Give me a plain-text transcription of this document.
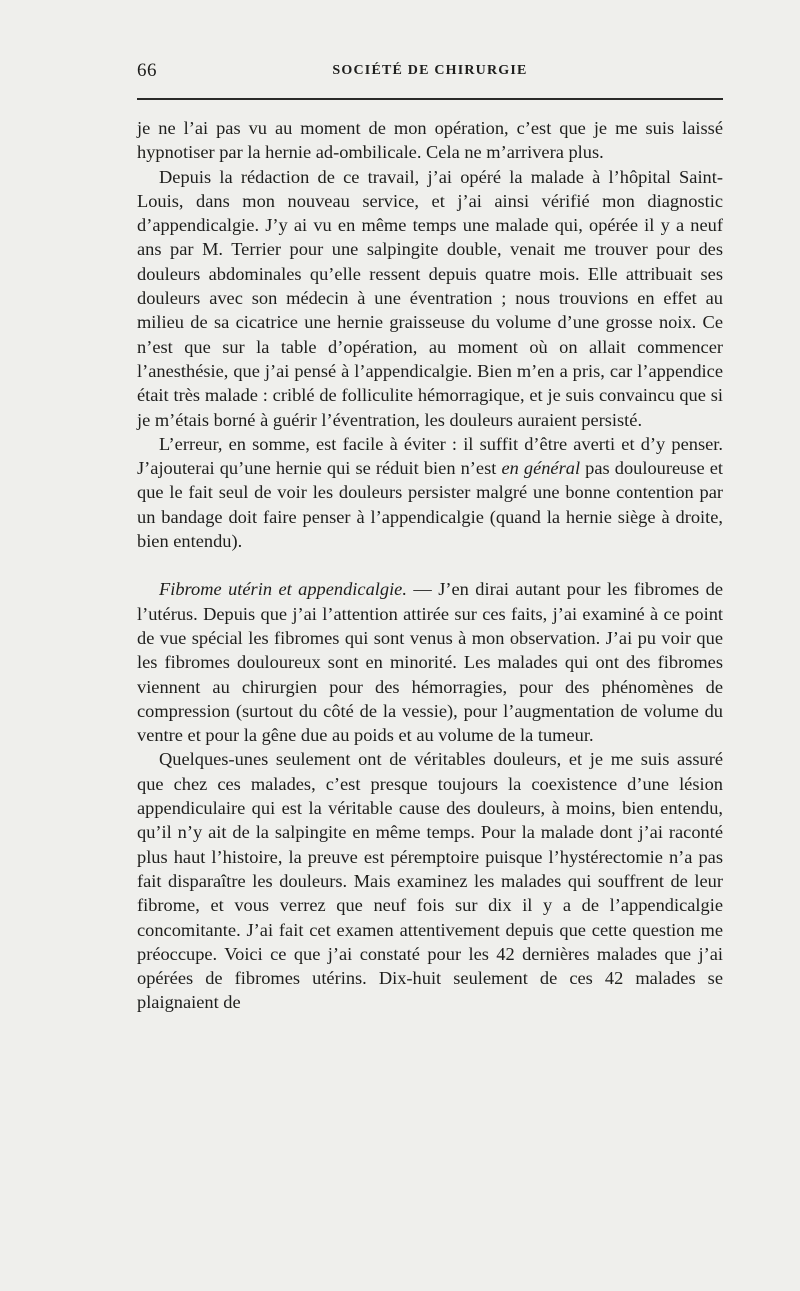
66	SOCIÉTÉ DE CHIRURGIE

je ne l’ai pas vu au moment de mon opération, c’est que je me suis laissé hypnotiser par la hernie ad-ombilicale. Cela ne m’arrivera plus.

Depuis la rédaction de ce travail, j’ai opéré la malade à l’hôpital Saint-Louis, dans mon nouveau service, et j’ai ainsi vérifié mon diagnostic d’appendicalgie. J’y ai vu en même temps une malade qui, opérée il y a neuf ans par M. Terrier pour une salpingite double, venait me trouver pour des douleurs abdominales qu’elle ressent depuis quatre mois. Elle attribuait ses douleurs avec son médecin à une éventration ; nous trouvions en effet au milieu de sa cicatrice une hernie graisseuse du volume d’une grosse noix. Ce n’est que sur la table d’opération, au moment où on allait commencer l’anesthésie, que j’ai pensé à l’appendicalgie. Bien m’en a pris, car l’appendice était très malade : criblé de folliculite hémorragique, et je suis convaincu que si je m’étais borné à guérir l’éventration, les douleurs auraient persisté.

L’erreur, en somme, est facile à éviter : il suffit d’être averti et d’y penser. J’ajouterai qu’une hernie qui se réduit bien n’est en général pas douloureuse et que le fait seul de voir les douleurs persister malgré une bonne contention par un bandage doit faire penser à l’appendicalgie (quand la hernie siège à droite, bien entendu).

Fibrome utérin et appendicalgie. — J’en dirai autant pour les fibromes de l’utérus. Depuis que j’ai l’attention attirée sur ces faits, j’ai examiné à ce point de vue spécial les fibromes qui sont venus à mon observation. J’ai pu voir que les fibromes douloureux sont en minorité. Les malades qui ont des fibromes viennent au chirurgien pour des hémorragies, pour des phénomènes de compression (surtout du côté de la vessie), pour l’augmentation de volume du ventre et pour la gêne due au poids et au volume de la tumeur.

Quelques-unes seulement ont de véritables douleurs, et je me suis assuré que chez ces malades, c’est presque toujours la coexistence d’une lésion appendiculaire qui est la véritable cause des douleurs, à moins, bien entendu, qu’il n’y ait de la salpingite en même temps. Pour la malade dont j’ai raconté plus haut l’histoire, la preuve est péremptoire puisque l’hystérectomie n’a pas fait disparaître les douleurs. Mais examinez les malades qui souffrent de leur fibrome, et vous verrez que neuf fois sur dix il y a de l’appendicalgie concomitante. J’ai fait cet examen attentivement depuis que cette question me préoccupe. Voici ce que j’ai constaté pour les 42 dernières malades que j’ai opérées de fibromes utérins. Dix-huit seulement de ces 42 malades se plaignaient de
